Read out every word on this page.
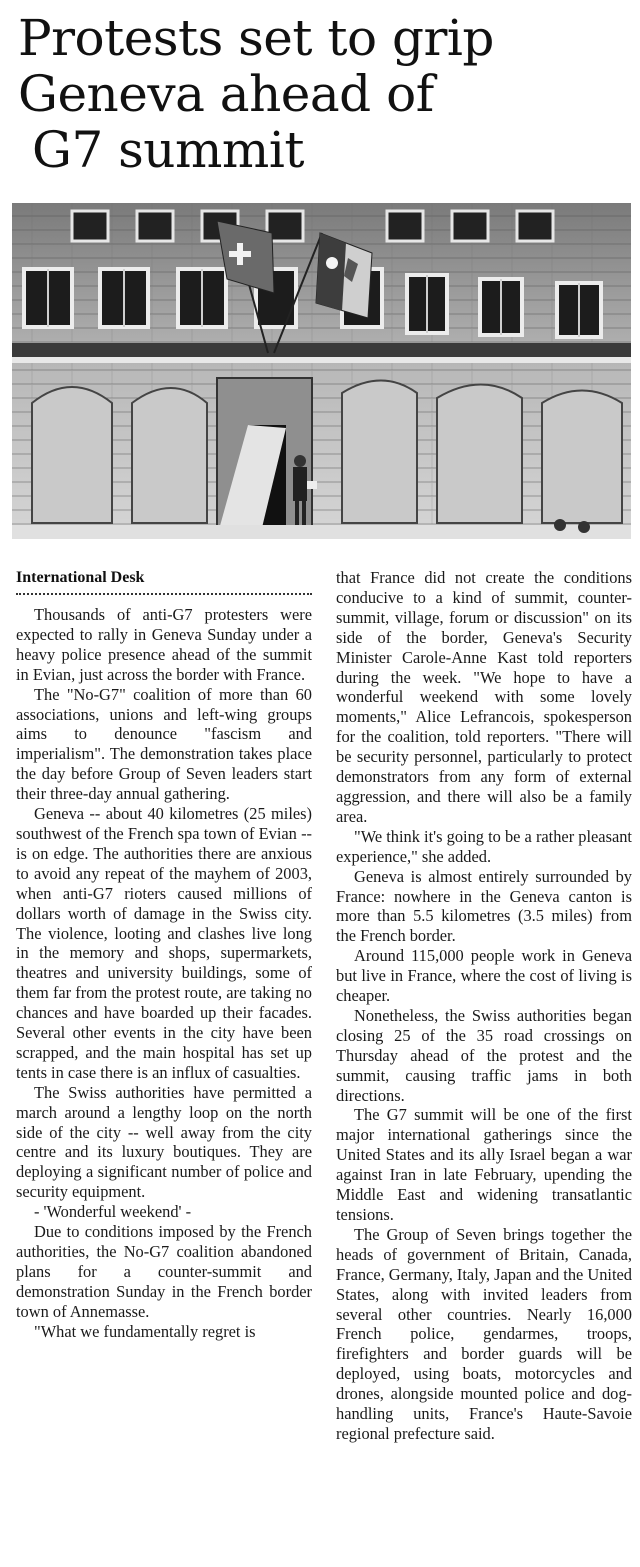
Protests set to grip
Geneva ahead of
G7 summit
International Desk

Thousands of anti-G7 protesters were expected to rally in Geneva Sunday under a heavy police presence ahead of the summit in Evian, just across the border with France.

The "No-G7" coalition of more than 60 associations, unions and left-wing groups aims to denounce "fascism and imperialism". The demonstration takes place the day before Group of Seven leaders start their three-day annual gathering.

Geneva -- about 40 kilometres (25 miles) southwest of the French spa town of Evian -- is on edge. The authorities there are anxious to avoid any repeat of the mayhem of 2003, when anti-G7 rioters caused millions of dollars worth of damage in the Swiss city. The violence, looting and clashes live long in the memory and shops, supermarkets, theatres and university buildings, some of them far from the protest route, are taking no chances and have boarded up their facades. Several other events in the city have been scrapped, and the main hospital has set up tents in case there is an influx of casualties.

The Swiss authorities have permitted a march around a lengthy loop on the north side of the city -- well away from the city centre and its luxury boutiques. They are deploying a significant number of police and security equipment.

- 'Wonderful weekend' -

Due to conditions imposed by the French authorities, the No-G7 coalition abandoned plans for a counter-summit and demonstration Sunday in the French border town of Annemasse.

"What we fundamentally regret is

that France did not create the conditions conducive to a kind of summit, counter-summit, village, forum or discussion" on its side of the border, Geneva's Security Minister Carole-Anne Kast told reporters during the week. "We hope to have a wonderful weekend with some lovely moments," Alice Lefrancois, spokesperson for the coalition, told reporters. "There will be security personnel, particularly to protect demonstrators from any form of external aggression, and there will also be a family area.

"We think it's going to be a rather pleasant experience," she added.

Geneva is almost entirely surrounded by France: nowhere in the Geneva canton is more than 5.5 kilometres (3.5 miles) from the French border.

Around 115,000 people work in Geneva but live in France, where the cost of living is cheaper.

Nonetheless, the Swiss authorities began closing 25 of the 35 road crossings on Thursday ahead of the protest and the summit, causing traffic jams in both directions.

The G7 summit will be one of the first major international gatherings since the United States and its ally Israel began a war against Iran in late February, upending the Middle East and widening transatlantic tensions.

The Group of Seven brings together the heads of government of Britain, Canada, France, Germany, Italy, Japan and the United States, along with invited leaders from several other countries. Nearly 16,000 French police, gendarmes, troops, firefighters and border guards will be deployed, using boats, motorcycles and drones, alongside mounted police and dog-handling units, France's Haute-Savoie regional prefecture said.
